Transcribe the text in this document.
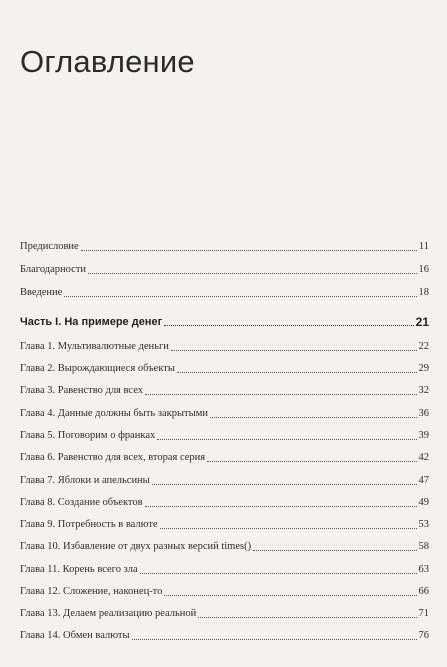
Оглавление
Предисловие	11
Благодарности	16
Введение	18
Часть I. На примере денег	21
Глава 1. Мультивалютные деньги	22
Глава 2. Вырождающиеся объекты	29
Глава 3. Равенство для всех	32
Глава 4. Данные должны быть закрытыми	36
Глава 5. Поговорим о франках	39
Глава 6. Равенство для всех, вторая серия	42
Глава 7. Яблоки и апельсины	47
Глава 8. Создание объектов	49
Глава 9. Потребность в валюте	53
Глава 10. Избавление от двух разных версий times()	58
Глава 11. Корень всего зла	63
Глава 12. Сложение, наконец-то	66
Глава 13. Делаем реализацию реальной	71
Глава 14. Обмен валюты	76
